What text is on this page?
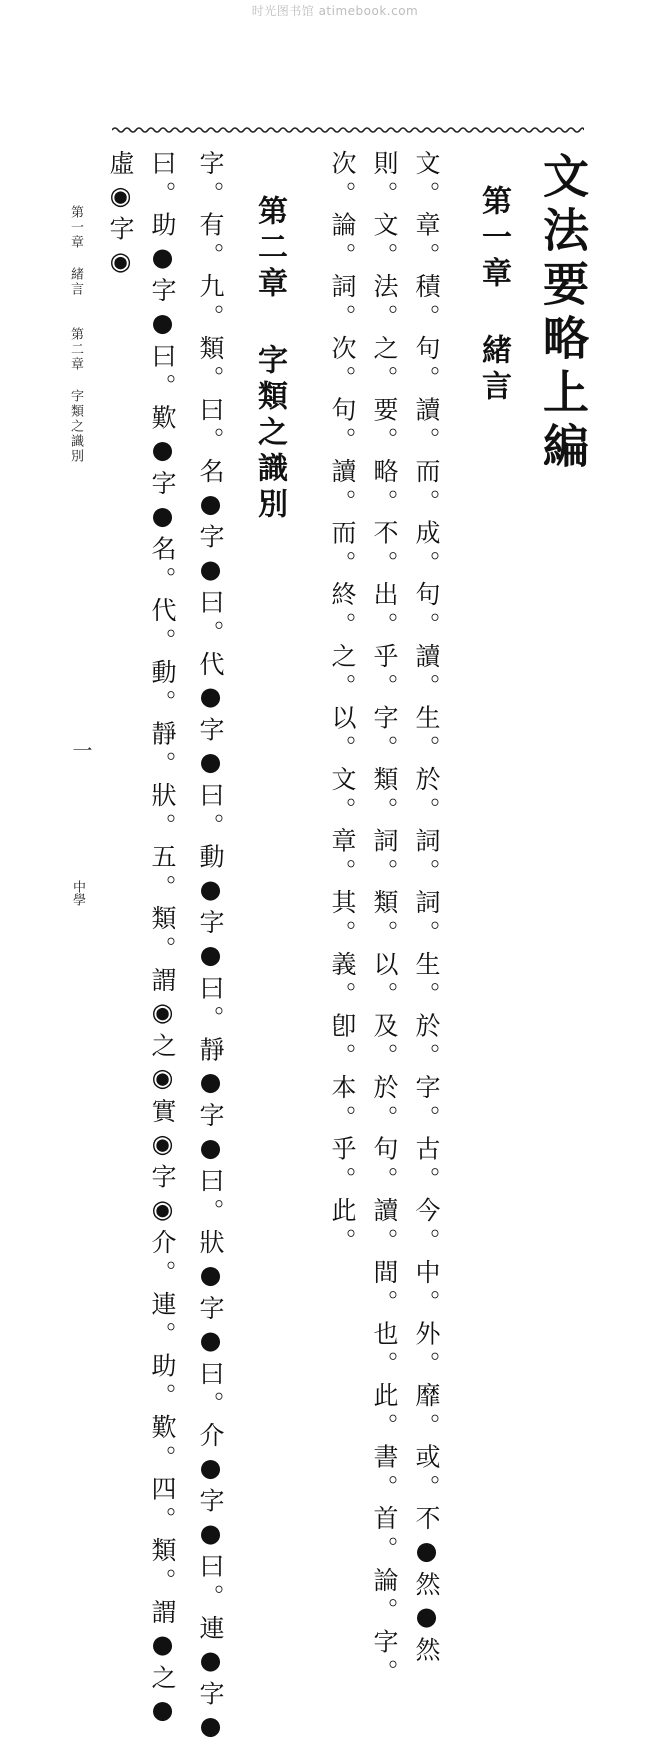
时光图书馆 atimebook.com
文法要略上編
第一章 緒言
文。章。積。句。讀。而。成。句。讀。生。於。詞。詞。生。於。字。古。今。中。外。靡。或。不●然●然
則。文。法。之。要。略。不。出。乎。字。類。詞。類。以。及。於。句。讀。間。也。此。書。首。論。字。
次。論。詞。次。句。讀。而。終。之。以。文。章。其。義。卽。本。乎。此。
第二章 字類之識別
字。有。九。類。曰。名●字●曰。代●字●曰。動●字●曰。靜●字●曰。狀●字●曰。介●字●曰。連●字●
曰。助●字●曰。歎●字●名。代。動。靜。狀。五。類。謂◉之◉實◉字◉介。連。助。歎。四。類。謂●之●
虛◉字◉
第一章 緒言　　第二章 字類之識別
一
中學
